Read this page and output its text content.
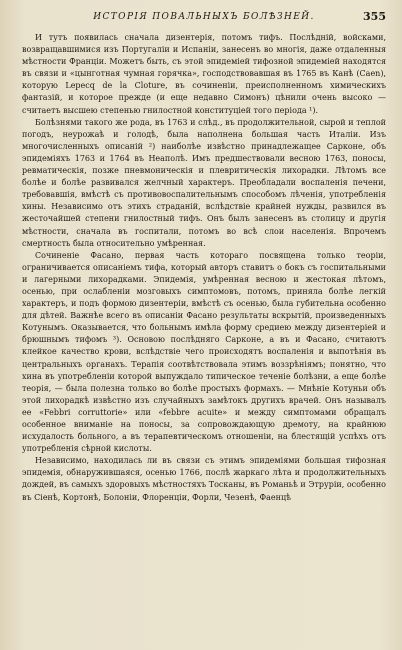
ИСТОРІЯ ПОВАЛЬНЫХЪ БОЛѢЗНЕЙ.	355

И тутъ появилась сначала дизентерія, потомъ тифъ. Послѣдній, войсками, возвращавшимися изъ Португаліи и Испаніи, занесенъ во многія, даже отдаленныя мѣстности Франціи. Можетъ быть, съ этой эпидеміей тифозной эпидеміей находятся въ связи и «цынготная чумная горячка», господствовавшая въ 1765 въ Канѣ (Caen), которую Lepecq de la Cloture, въ сочиненіи, преисполненномъ химическихъ фантазій, и которое прежде (и еще недавно Симонъ) цѣнили очень высоко — считаетъ высшею степенью гнилостной конституцiей того періода ¹).

Болѣзнями такого же рода, въ 1763 и слѣд., въ продолжительной, сырой и теплой погодъ, неурожаѣ и голодѣ, была наполнена большая часть Италіи. Изъ многочисленныхъ описаній ²) наиболѣе извѣстно принадлежащее Сарконе, объ эпидеміяхъ 1763 и 1764 въ Неаполѣ. Имъ предшествовали весною 1763, поносы, ревматическія, позже пневмоническія и плевритическія лихорадки. Лѣтомъ все болѣе и болѣе развивался желчный характеръ. Преобладали воспаленія печени, требовавшія, вмѣстѣ съ противовоспалительнымъ способомъ лѣченія, употребленія хины. Независимо отъ этихъ страданій, вслѣдствіе крайней нужды, развился въ жесточайшей степени гнилостный тифъ. Онъ былъ занесенъ въ столицу и другія мѣстности, сначала въ госпитали, потомъ во всѣ слои населенія. Впрочемъ смертность была относительно умѣренная.

Сочиненіе Фасано, первая часть котораго посвящена только теоріи, ограничивается описаніемъ тифа, который авторъ ставитъ о бокъ съ госпитальными и лагерными лихорадками. Эпидемія, умѣренная весною и жестокая лѣтомъ, осенью, при ослабленіи мозговыхъ симптомовъ, потомъ, приняла болѣе легкій характеръ, и подъ формою дизентеріи, вмѣстѣ съ осенью, была губительна особенно для дѣтей. Важнѣе всего въ описаніи Фасано результаты вскрытій, произведенныхъ Котунымъ. Оказывается, что больнымъ имѣла форму средиею между дизентеріей и брюшнымъ тифомъ ³). Основою послѣдняго Сарконе, а въ и Фасано, считаютъ клейкое качество крови, вслѣдствіе чего происходятъ воспаленія и выпотѣнія въ центральныхъ органахъ. Терапія соотвѣтствовала этимъ воззрѣніямъ; понятно, что хина въ употребленіи которой выпуждало типическое теченіе болѣзни, а еще болѣе теорія, — была полезна только во болѣе простыхъ формахъ. — Мнѣніе Котуньи объ этой лихорадкѣ извѣстно изъ случайныхъ замѣтокъ другихъ врачей. Онъ называлъ ее «Febbri corruttorie» или «febbre acuite» и между симптомами обращалъ особенное вниманіе на поносы, за сопровождающую дремоту, на крайнюю исхудалость больного, а въ терапевтическомъ отношеніи, на блестящій успѣхъ отъ употребленія сѣрной кислоты.

Независимо, находилась ли въ связи съ этимъ эпидеміями большая тифозная эпидемія, обнаружившаяся, осенью 1766, послѣ жаркаго лѣта и продолжительныхъ дождей, въ самыхъ здоровыхъ мѣстностяхъ Тосканы, въ Романьѣ и Этруріи, особенно въ Сіенѣ, Кортонѣ, Болоніи, Флоренціи, Форли, Чезенѣ, Фаенцѣ
